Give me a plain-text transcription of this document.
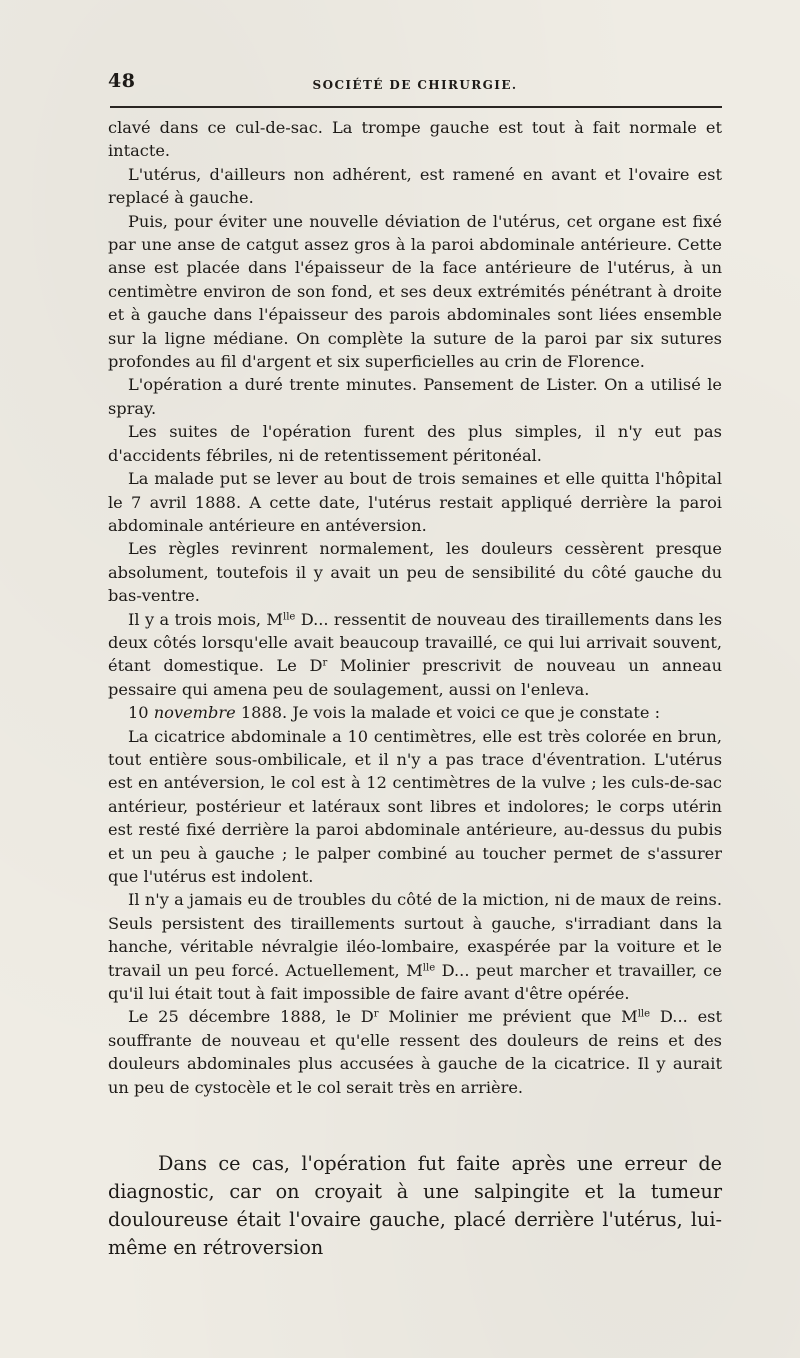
48	SOCIÉTÉ DE CHIRURGIE.

clavé dans ce cul-de-sac. La trompe gauche est tout à fait normale et intacte.

L'utérus, d'ailleurs non adhérent, est ramené en avant et l'ovaire est replacé à gauche.

Puis, pour éviter une nouvelle déviation de l'utérus, cet organe est fixé par une anse de catgut assez gros à la paroi abdominale antérieure. Cette anse est placée dans l'épaisseur de la face antérieure de l'utérus, à un centimètre environ de son fond, et ses deux extrémités pénétrant à droite et à gauche dans l'épaisseur des parois abdominales sont liées ensemble sur la ligne médiane. On complète la suture de la paroi par six sutures profondes au fil d'argent et six superficielles au crin de Florence.

L'opération a duré trente minutes. Pansement de Lister. On a utilisé le spray.

Les suites de l'opération furent des plus simples, il n'y eut pas d'accidents fébriles, ni de retentissement péritonéal.

La malade put se lever au bout de trois semaines et elle quitta l'hôpital le 7 avril 1888. A cette date, l'utérus restait appliqué derrière la paroi abdominale antérieure en antéversion.

Les règles revinrent normalement, les douleurs cessèrent presque absolument, toutefois il y avait un peu de sensibilité du côté gauche du bas-ventre.

Il y a trois mois, $M^{lle}$ D... ressentit de nouveau des tiraillements dans les deux côtés lorsqu'elle avait beaucoup travaillé, ce qui lui arrivait souvent, étant domestique. Le $D^r$ Molinier prescrivit de nouveau un anneau pessaire qui amena peu de soulagement, aussi on l'enleva.

10 novembre 1888. Je vois la malade et voici ce que je constate :

La cicatrice abdominale a 10 centimètres, elle est très colorée en brun, tout entière sous-ombilicale, et il n'y a pas trace d'éventration. L'utérus est en antéversion, le col est à 12 centimètres de la vulve ; les culs-de-sac antérieur, postérieur et latéraux sont libres et indolores; le corps utérin est resté fixé derrière la paroi abdominale antérieure, au-dessus du pubis et un peu à gauche ; le palper combiné au toucher permet de s'assurer que l'utérus est indolent.

Il n'y a jamais eu de troubles du côté de la miction, ni de maux de reins. Seuls persistent des tiraillements surtout à gauche, s'irradiant dans la hanche, véritable névralgie iléo-lombaire, exaspérée par la voiture et le travail un peu forcé. Actuellement, $M^{lle}$ D... peut marcher et travailler, ce qu'il lui était tout à fait impossible de faire avant d'être opérée.

Le 25 décembre 1888, le $D^r$ Molinier me prévient que $M^{lle}$ D... est souffrante de nouveau et qu'elle ressent des douleurs de reins et des douleurs abdominales plus accusées à gauche de la cicatrice. Il y aurait un peu de cystocèle et le col serait très en arrière.

Dans ce cas, l'opération fut faite après une erreur de diagnostic, car on croyait à une salpingite et la tumeur douloureuse était l'ovaire gauche, placé derrière l'utérus, lui-même en rétroversion
